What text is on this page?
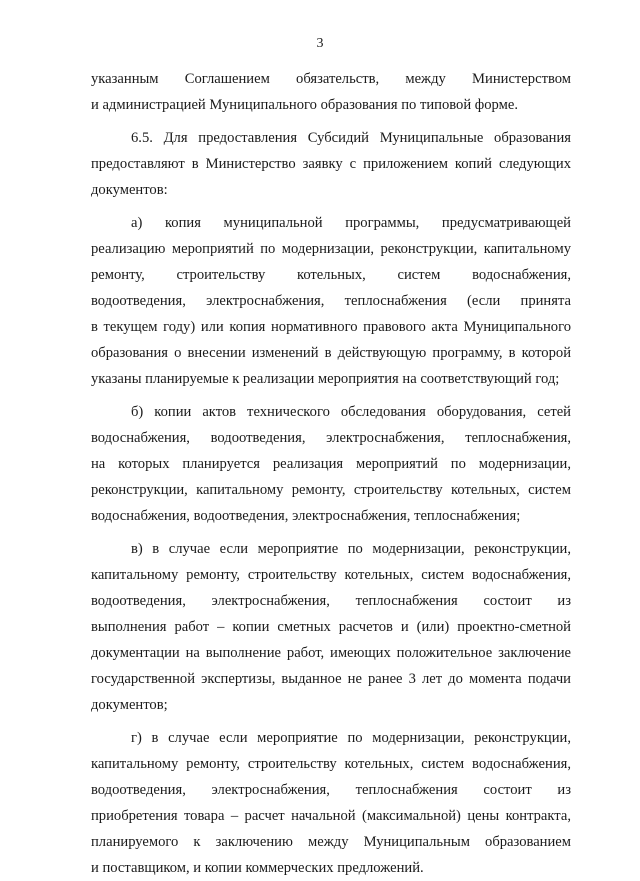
3
указанным Соглашением обязательств, между Министерством
и администрацией Муниципального образования по типовой форме.
6.5. Для предоставления Субсидий Муниципальные образования
предоставляют в Министерство заявку с приложением копий следующих
документов:
а) копия муниципальной программы, предусматривающей
реализацию мероприятий по модернизации, реконструкции, капитальному
ремонту, строительству котельных, систем водоснабжения,
водоотведения, электроснабжения, теплоснабжения (если принята
в текущем году) или копия нормативного правового акта Муниципального
образования о внесении изменений в действующую программу, в которой
указаны планируемые к реализации мероприятия на соответствующий год;
б) копии актов технического обследования оборудования, сетей
водоснабжения, водоотведения, электроснабжения, теплоснабжения,
на которых планируется реализация мероприятий по модернизации,
реконструкции, капитальному ремонту, строительству котельных, систем
водоснабжения, водоотведения, электроснабжения, теплоснабжения;
в) в случае если мероприятие по модернизации, реконструкции,
капитальному ремонту, строительству котельных, систем водоснабжения,
водоотведения, электроснабжения, теплоснабжения состоит из
выполнения работ – копии сметных расчетов и (или) проектно-сметной
документации на выполнение работ, имеющих положительное заключение
государственной экспертизы, выданное не ранее 3 лет до момента подачи
документов;
г) в случае если мероприятие по модернизации, реконструкции,
капитальному ремонту, строительству котельных, систем водоснабжения,
водоотведения, электроснабжения, теплоснабжения состоит из
приобретения товара – расчет начальной (максимальной) цены контракта,
планируемого к заключению между Муниципальным образованием
и поставщиком, и копии коммерческих предложений.
